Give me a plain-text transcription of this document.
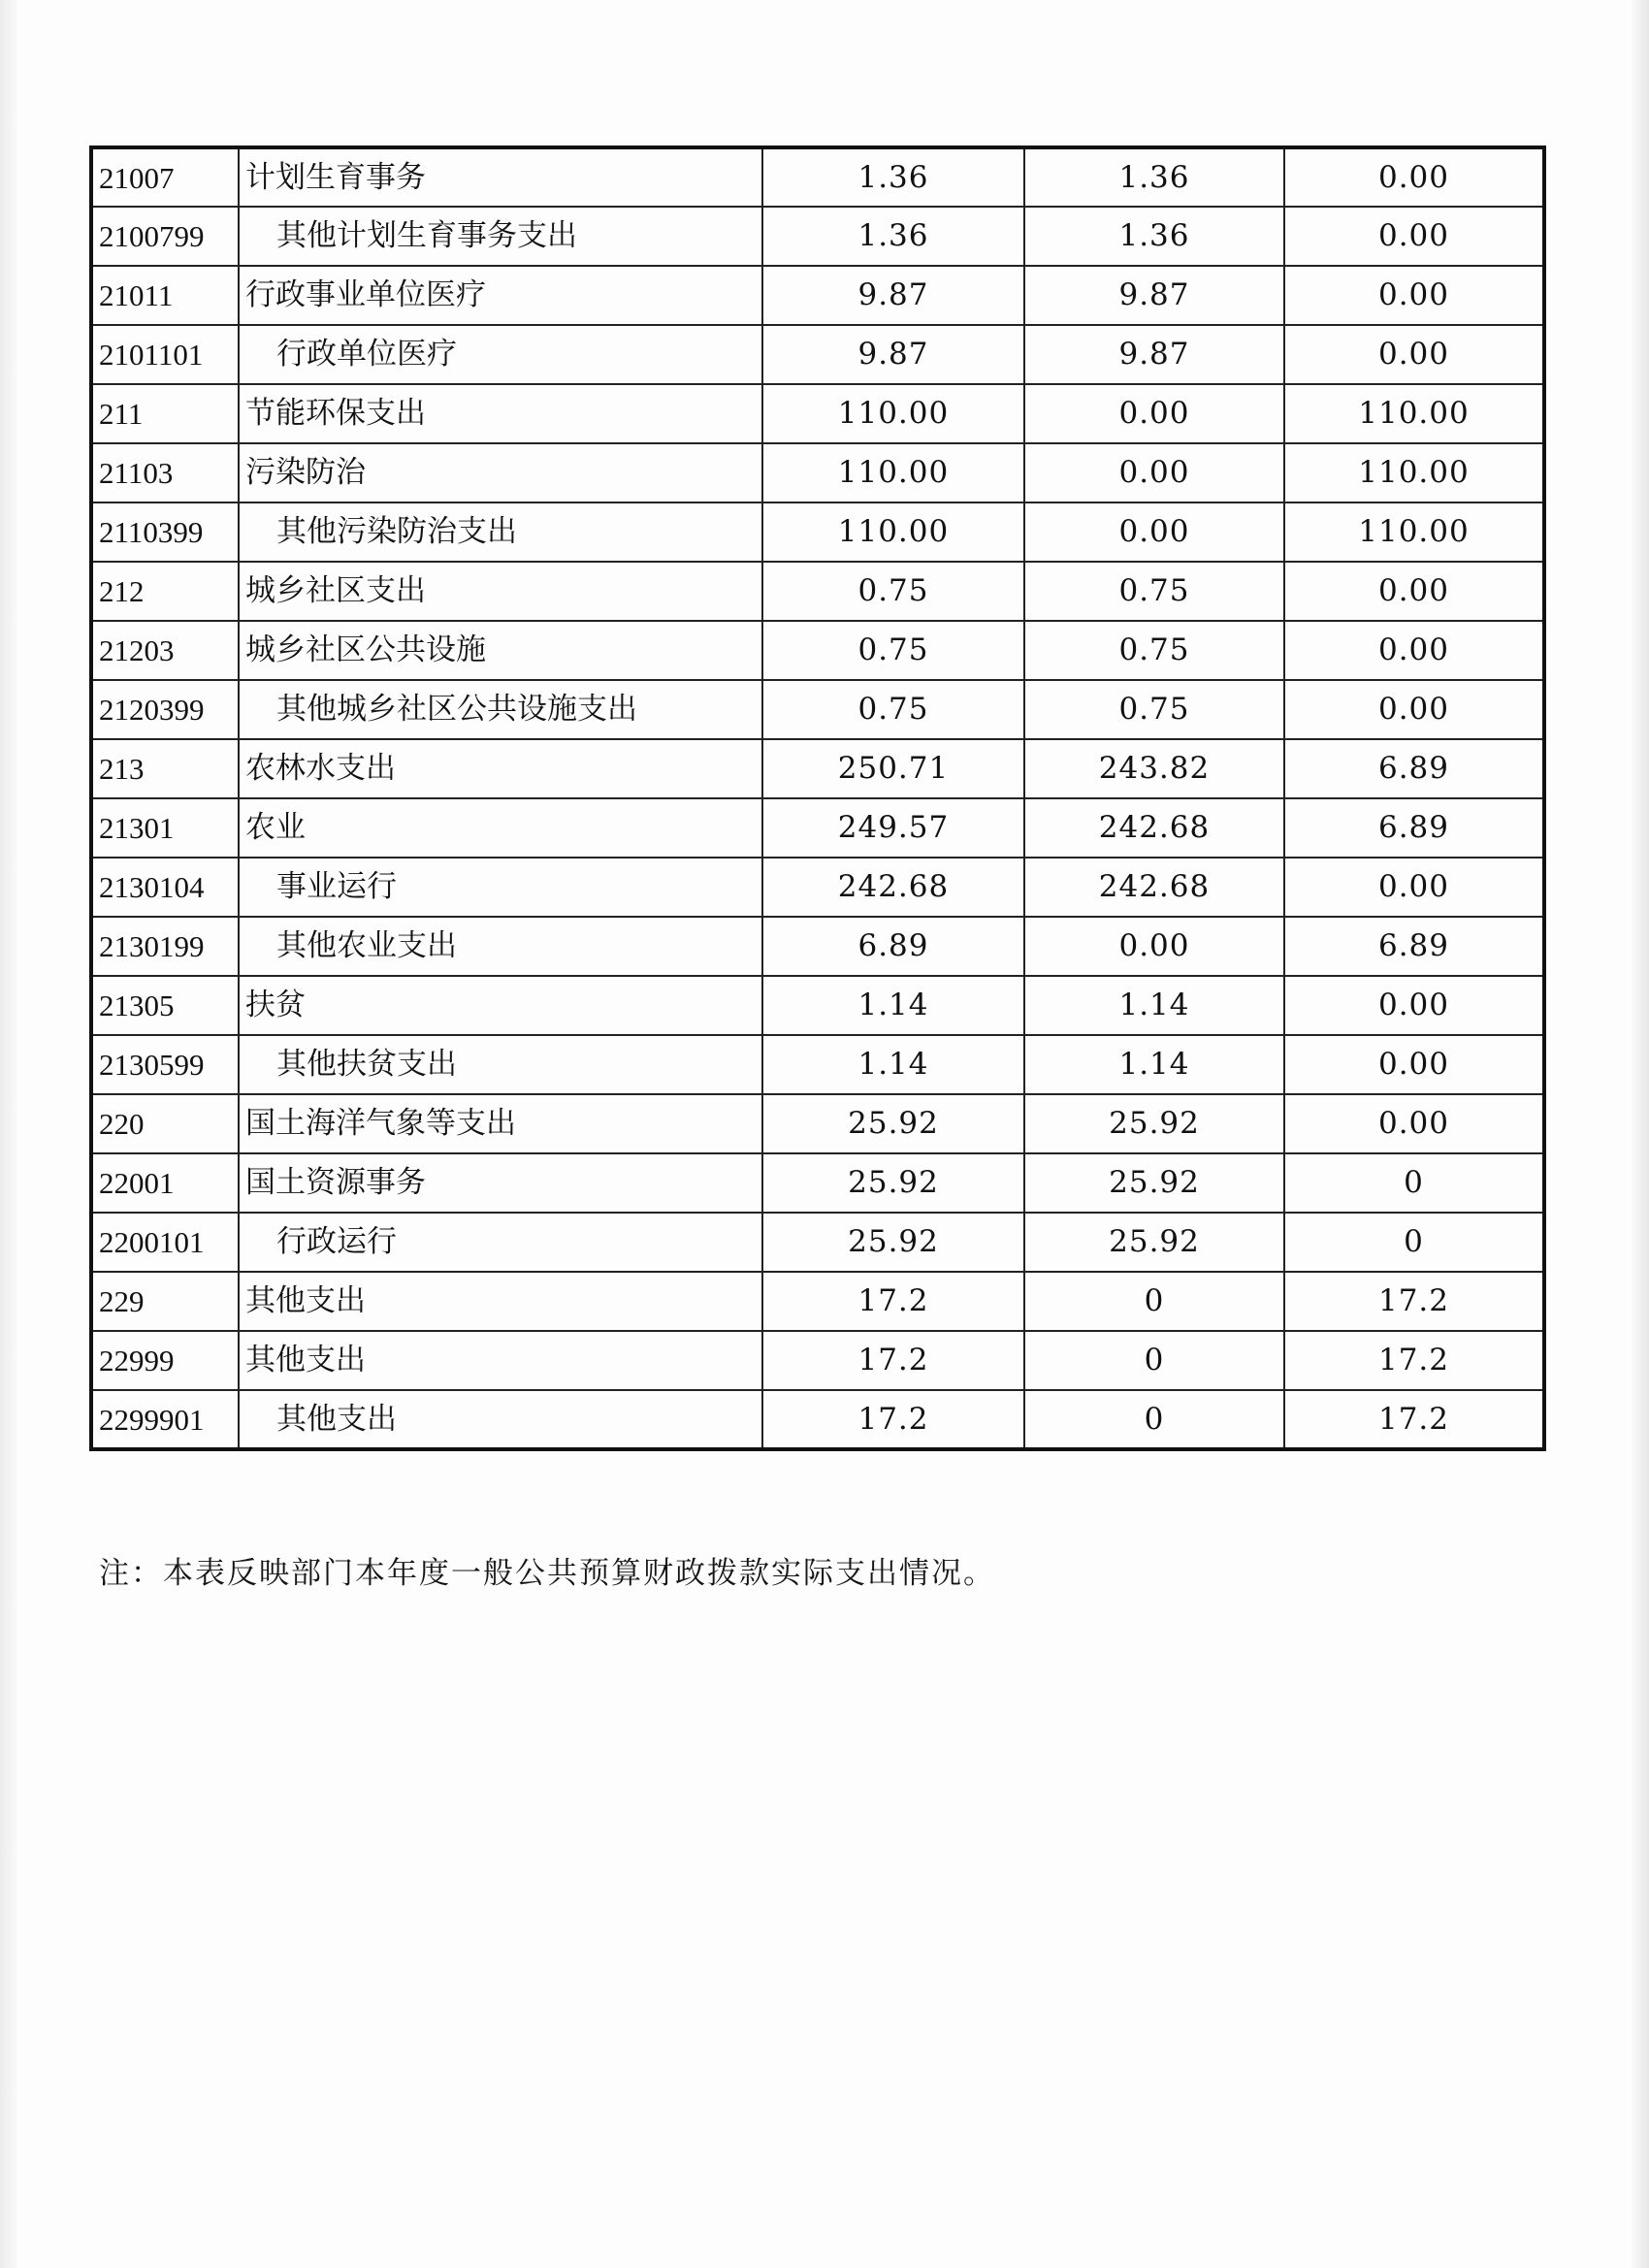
21007	计划生育事务	1.36	1.36	0.00
2100799	其他计划生育事务支出	1.36	1.36	0.00
21011	行政事业单位医疗	9.87	9.87	0.00
2101101	行政单位医疗	9.87	9.87	0.00
211	节能环保支出	110.00	0.00	110.00
21103	污染防治	110.00	0.00	110.00
2110399	其他污染防治支出	110.00	0.00	110.00
212	城乡社区支出	0.75	0.75	0.00
21203	城乡社区公共设施	0.75	0.75	0.00
2120399	其他城乡社区公共设施支出	0.75	0.75	0.00
213	农林水支出	250.71	243.82	6.89
21301	农业	249.57	242.68	6.89
2130104	事业运行	242.68	242.68	0.00
2130199	其他农业支出	6.89	0.00	6.89
21305	扶贫	1.14	1.14	0.00
2130599	其他扶贫支出	1.14	1.14	0.00
220	国土海洋气象等支出	25.92	25.92	0.00
22001	国土资源事务	25.92	25.92	0
2200101	行政运行	25.92	25.92	0
229	其他支出	17.2	0	17.2
22999	其他支出	17.2	0	17.2
2299901	其他支出	17.2	0	17.2
注：本表反映部门本年度一般公共预算财政拨款实际支出情况。
